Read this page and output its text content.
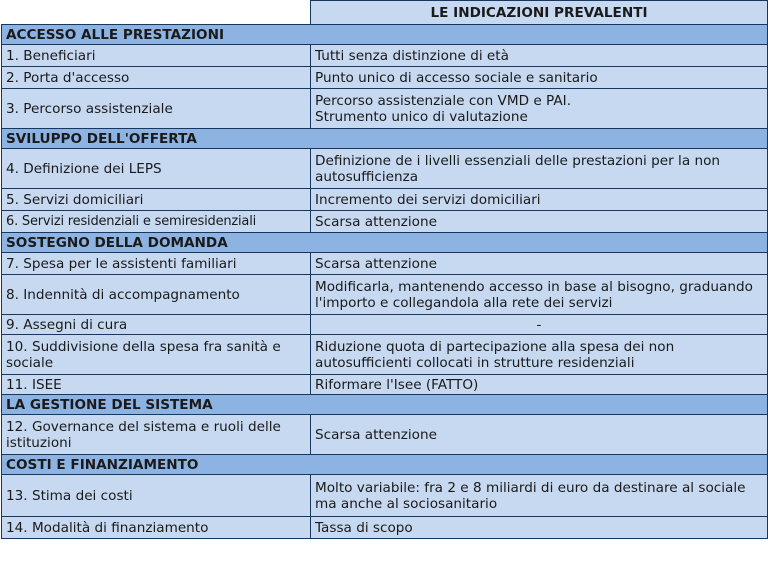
	LE INDICAZIONI PREVALENTI
ACCESSO ALLE PRESTAZIONI	
1. Beneficiari	Tutti senza distinzione di età
2. Porta d'accesso	Punto unico di accesso sociale e sanitario
3. Percorso assistenziale	Percorso assistenziale con VMD e PAI.
Strumento unico di valutazione
SVILUPPO DELL'OFFERTA	
4. Definizione dei LEPS	Definizione de i livelli essenziali delle prestazioni per la non autosufficienza
5. Servizi domiciliari	Incremento dei servizi domiciliari
6. Servizi residenziali e semiresidenziali	Scarsa attenzione
SOSTEGNO DELLA DOMANDA	
7. Spesa per le assistenti familiari	Scarsa attenzione
8. Indennità di accompagnamento	Modificarla, mantenendo accesso in base al bisogno, graduando l'importo e collegandola alla rete dei servizi
9. Assegni di cura	-
10. Suddivisione della spesa fra sanità e sociale	Riduzione quota di partecipazione alla spesa dei non autosufficienti collocati in strutture residenziali
11. ISEE	Riformare l'Isee (FATTO)
LA GESTIONE DEL SISTEMA	
12. Governance del sistema e ruoli delle istituzioni	Scarsa attenzione
COSTI E FINANZIAMENTO	
13. Stima dei costi	Molto variabile: fra 2 e 8 miliardi di euro da destinare al sociale ma anche al sociosanitario
14. Modalità di finanziamento	Tassa di scopo
